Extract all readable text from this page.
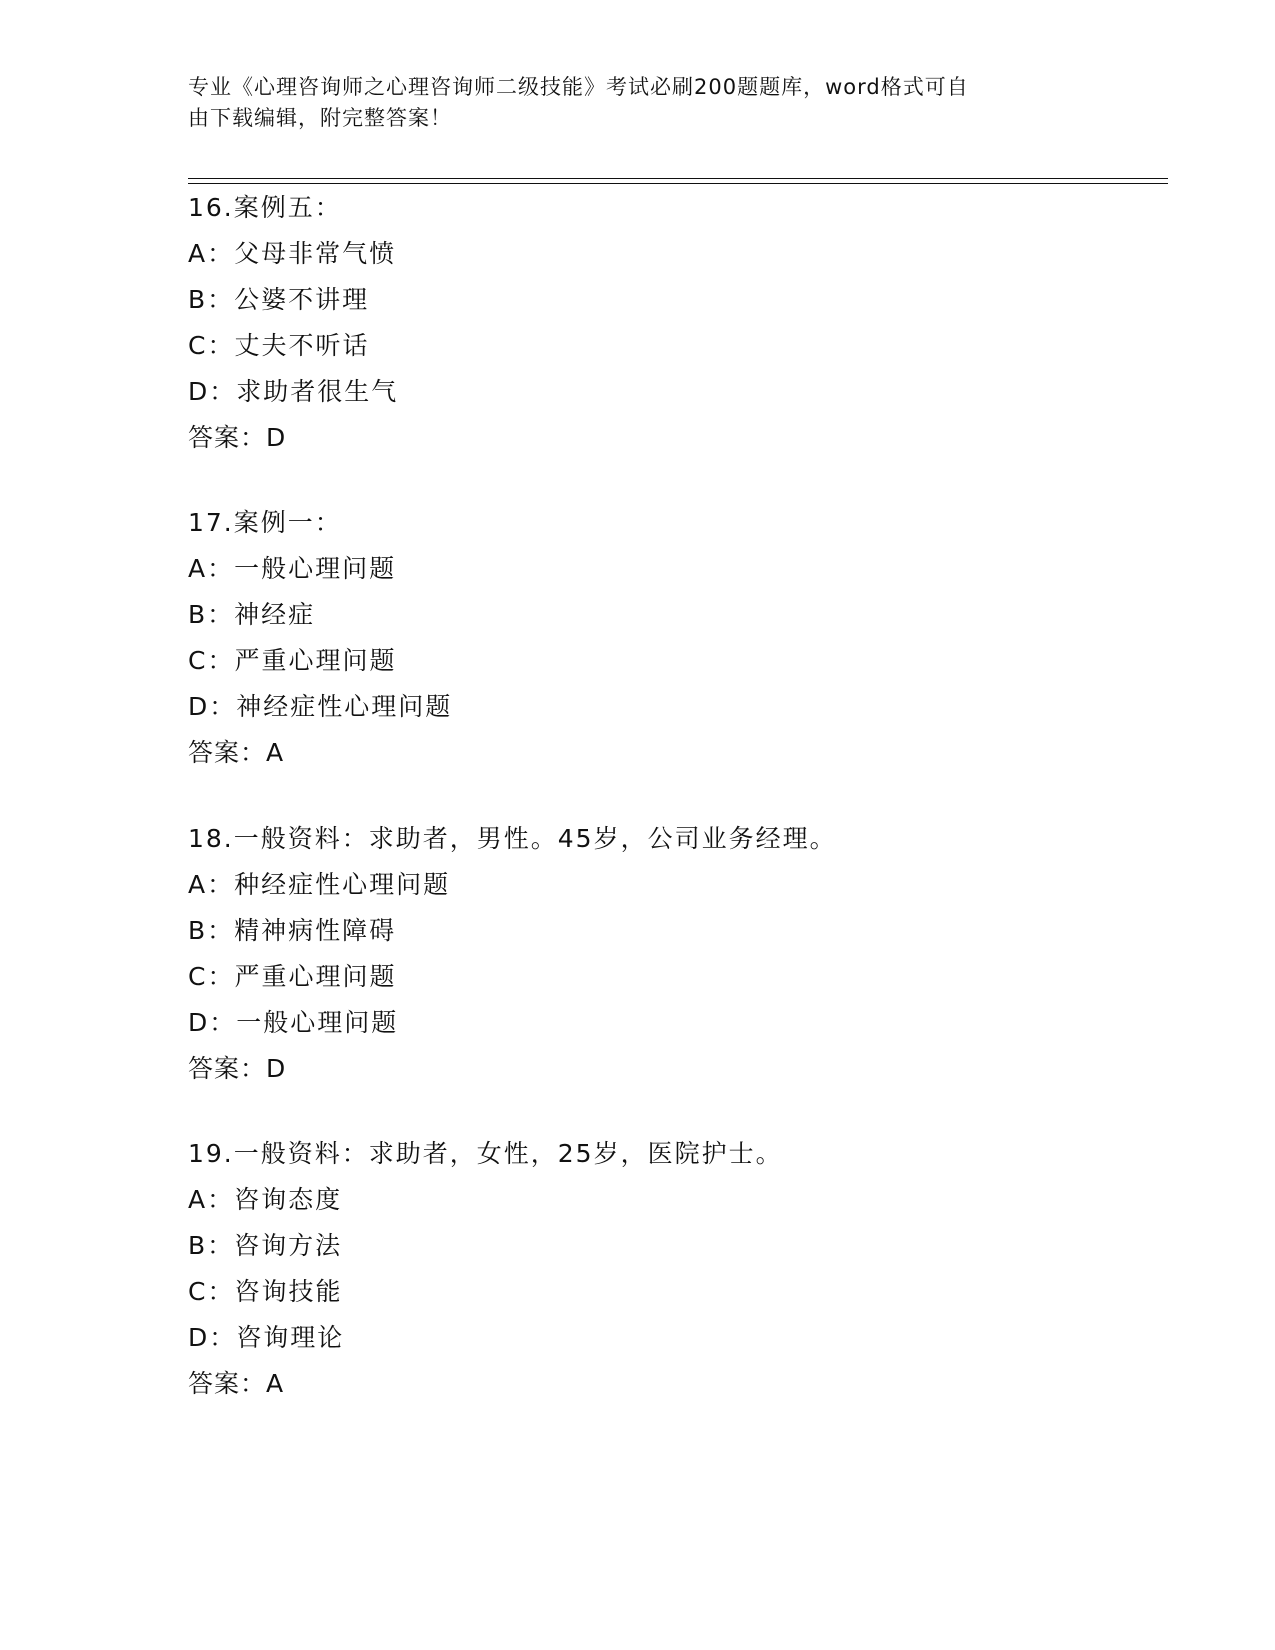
专业《心理咨询师之心理咨询师二级技能》考试必刷200题题库，word格式可自
由下载编辑，附完整答案！
16.案例五：
A：父母非常气愤
B：公婆不讲理
C：丈夫不听话
D：求助者很生气
答案：D
17.案例一：
A：一般心理问题
B：神经症
C：严重心理问题
D：神经症性心理问题
答案：A
18.一般资料：求助者，男性。45岁，公司业务经理。
A：种经症性心理问题
B：精神病性障碍
C：严重心理问题
D：一般心理问题
答案：D
19.一般资料：求助者，女性，25岁，医院护士。
A：咨询态度
B：咨询方法
C：咨询技能
D：咨询理论
答案：A
